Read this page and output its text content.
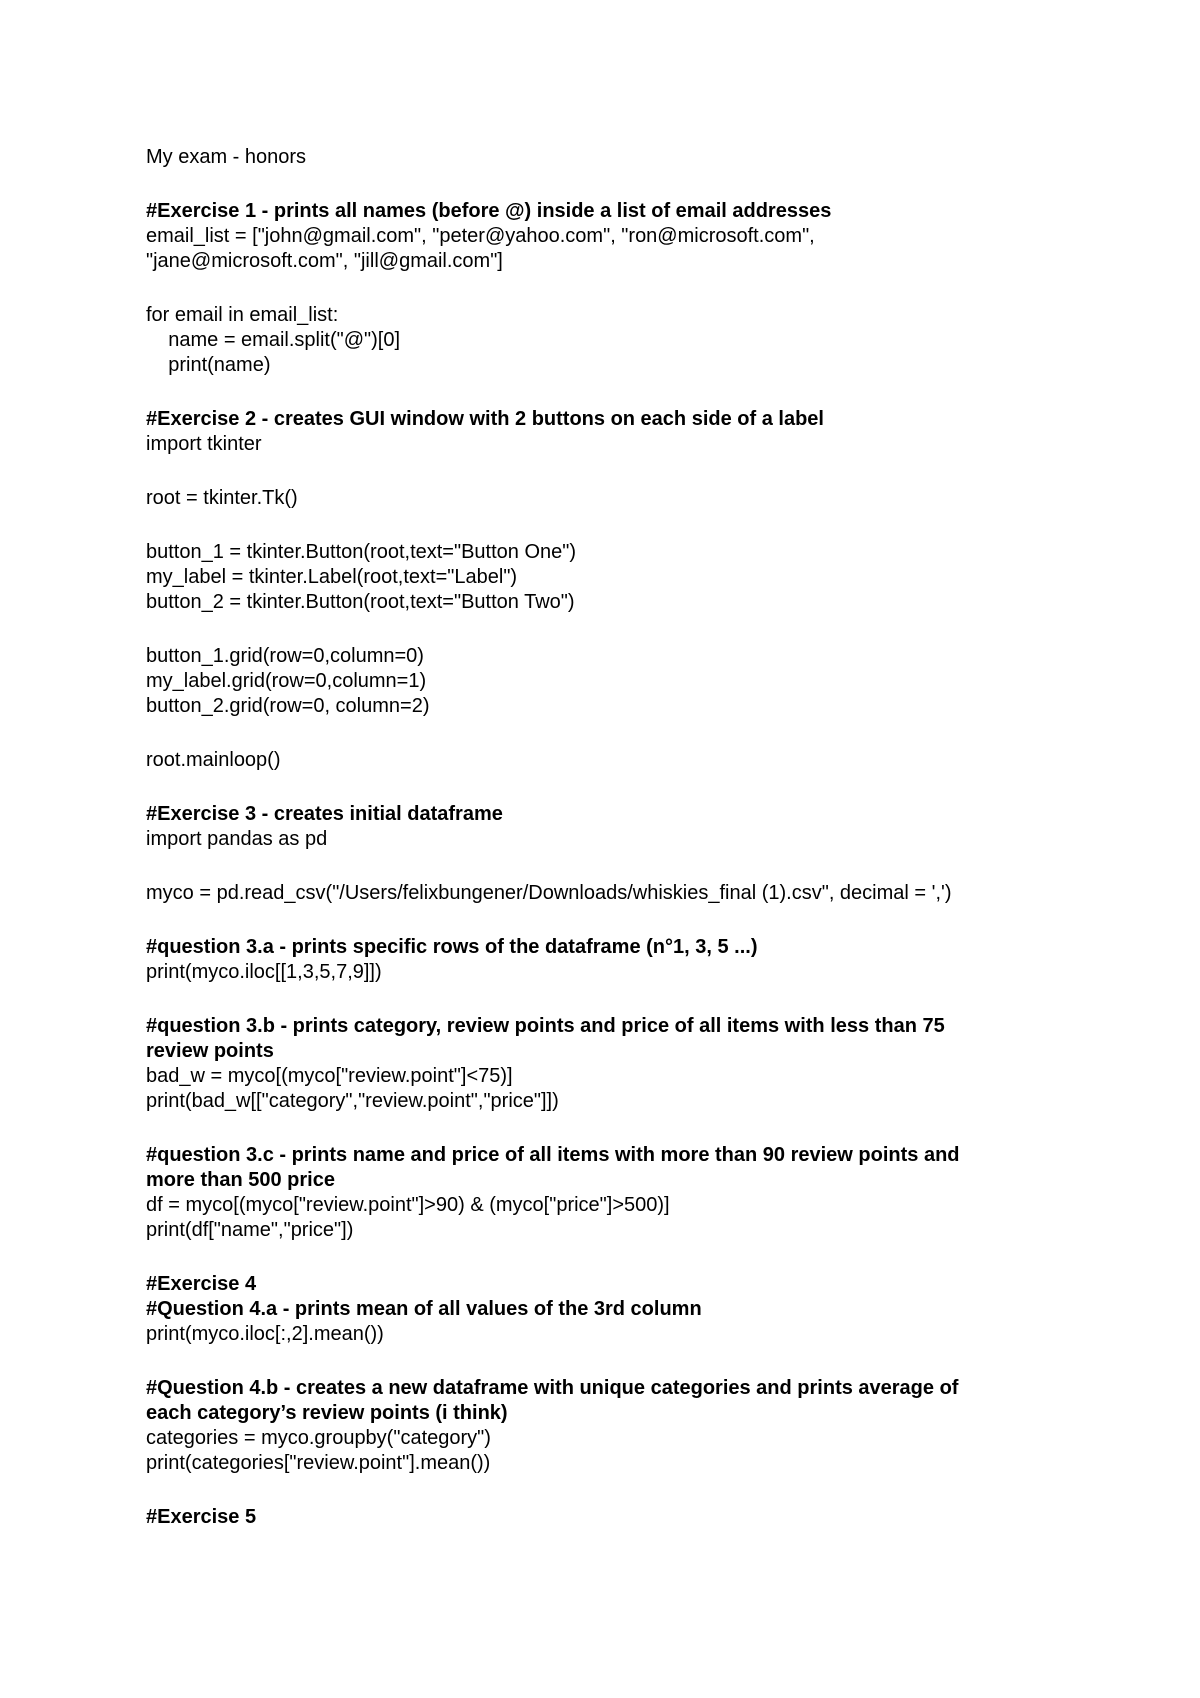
My exam - honors
#Exercise 1 - prints all names (before @) inside a list of email addresses
email_list = ["john@gmail.com", "peter@yahoo.com", "ron@microsoft.com",
"jane@microsoft.com", "jill@gmail.com"]
for email in email_list:
name = email.split("@")[0]
print(name)
#Exercise 2 - creates GUI window with 2 buttons on each side of a label
import tkinter
root = tkinter.Tk()
button_1 = tkinter.Button(root,text="Button One")
my_label = tkinter.Label(root,text="Label")
button_2 = tkinter.Button(root,text="Button Two")
button_1.grid(row=0,column=0)
my_label.grid(row=0,column=1)
button_2.grid(row=0, column=2)
root.mainloop()
#Exercise 3 - creates initial dataframe
import pandas as pd
myco = pd.read_csv("/Users/felixbungener/Downloads/whiskies_final (1).csv", decimal = ',')
#question 3.a - prints specific rows of the dataframe (n°1, 3, 5 ...)
print(myco.iloc[[1,3,5,7,9]])
#question 3.b - prints category, review points and price of all items with less than 75
review points
bad_w = myco[(myco["review.point"]<75)]
print(bad_w[["category","review.point","price"]])
#question 3.c - prints name and price of all items with more than 90 review points and
more than 500 price
df = myco[(myco["review.point"]>90) & (myco["price"]>500)]
print(df["name","price"])
#Exercise 4
#Question 4.a - prints mean of all values of the 3rd column
print(myco.iloc[:,2].mean())
#Question 4.b - creates a new dataframe with unique categories and prints average of
each category’s review points (i think)
categories = myco.groupby("category")
print(categories["review.point"].mean())
#Exercise 5
